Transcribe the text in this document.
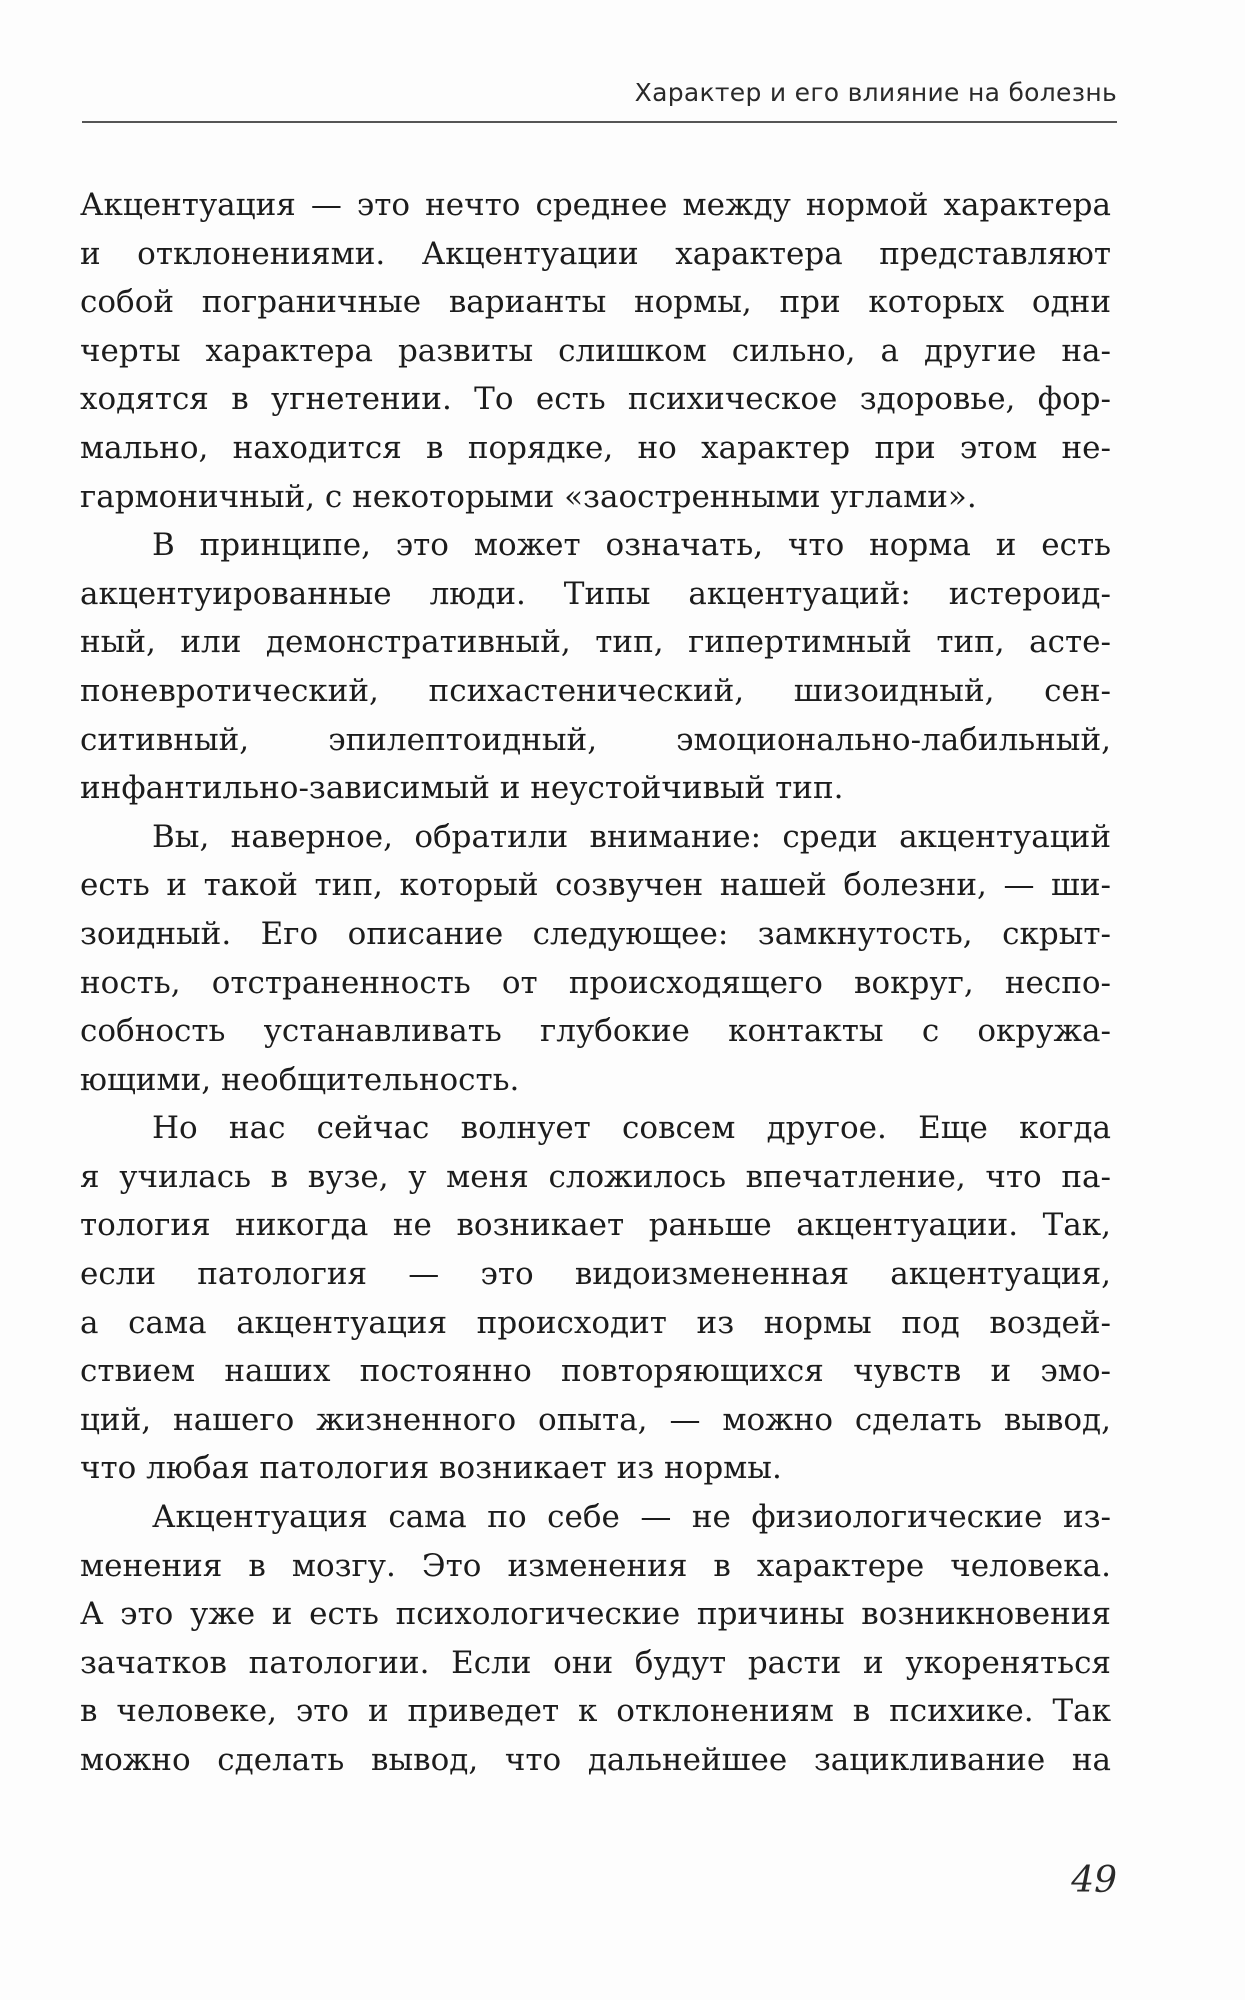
Характер и его влияние на болезнь

Акцентуация — это нечто среднее между нормой характера
и отклонениями. Акцентуации характера представляют
собой пограничные варианты нормы, при которых одни
черты характера развиты слишком сильно, а другие на-
ходятся в угнетении. То есть психическое здоровье, фор-
мально, находится в порядке, но характер при этом не-
гармоничный, с некоторыми «заостренными углами».

В принципе, это может означать, что норма и есть
акцентуированные люди. Типы акцентуаций: истероид-
ный, или демонстративный, тип, гипертимный тип, асте-
поневротический, психастенический, шизоидный, сен-
ситивный, эпилептоидный, эмоционально-лабильный,
инфантильно-зависимый и неустойчивый тип.

Вы, наверное, обратили внимание: среди акцентуаций
есть и такой тип, который созвучен нашей болезни, — ши-
зоидный. Его описание следующее: замкнутость, скрыт-
ность, отстраненность от происходящего вокруг, неспо-
собность устанавливать глубокие контакты с окружа-
ющими, необщительность.

Но нас сейчас волнует совсем другое. Еще когда
я училась в вузе, у меня сложилось впечатление, что па-
тология никогда не возникает раньше акцентуации. Так,
если патология — это видоизмененная акцентуация,
а сама акцентуация происходит из нормы под воздей-
ствием наших постоянно повторяющихся чувств и эмо-
ций, нашего жизненного опыта, — можно сделать вывод,
что любая патология возникает из нормы.

Акцентуация сама по себе — не физиологические из-
менения в мозгу. Это изменения в характере человека.
А это уже и есть психологические причины возникновения
зачатков патологии. Если они будут расти и укореняться
в человеке, это и приведет к отклонениям в психике. Так
можно сделать вывод, что дальнейшее зацикливание на

49
